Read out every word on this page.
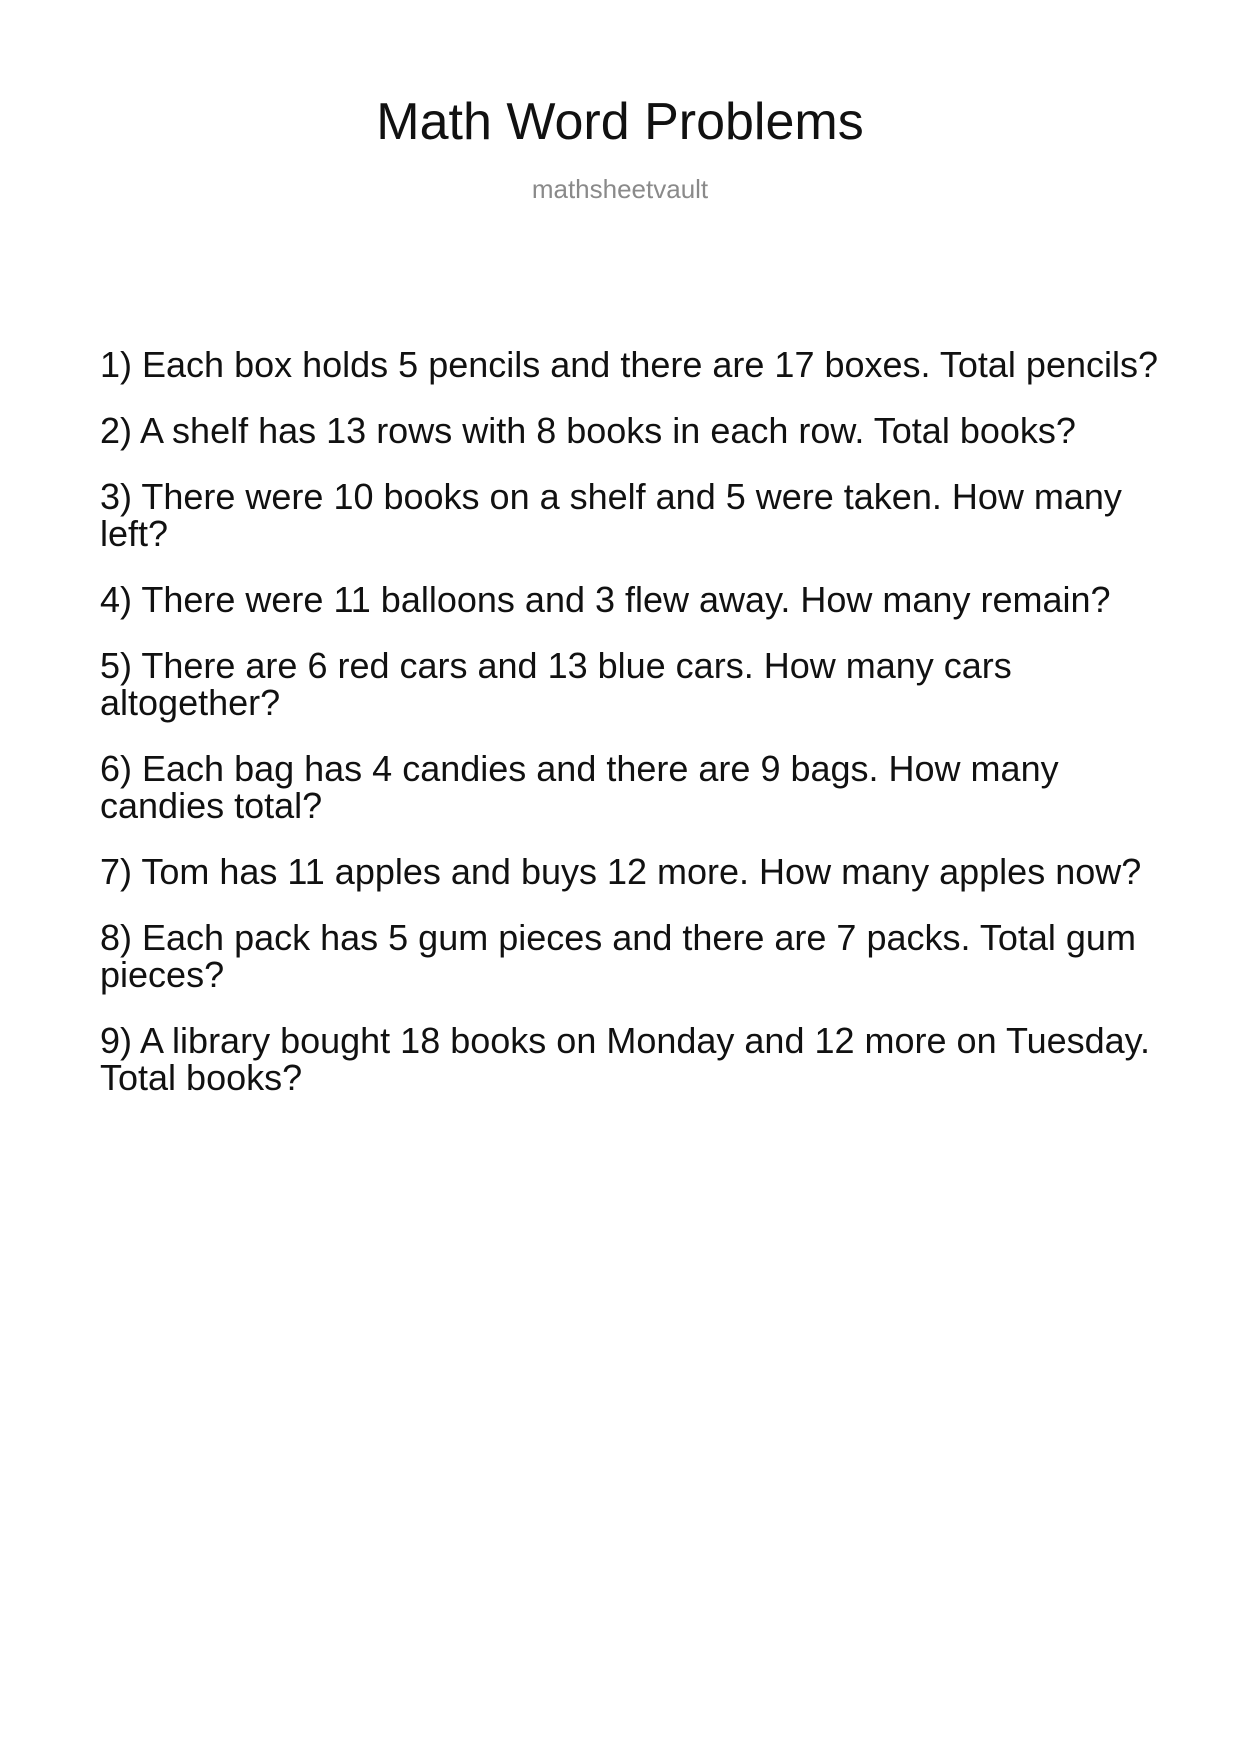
Math Word Problems
mathsheetvault

1) Each box holds 5 pencils and there are 17 boxes. Total pencils?

2) A shelf has 13 rows with 8 books in each row. Total books?

3) There were 10 books on a shelf and 5 were taken. How many left?

4) There were 11 balloons and 3 flew away. How many remain?

5) There are 6 red cars and 13 blue cars. How many cars altogether?

6) Each bag has 4 candies and there are 9 bags. How many candies total?

7) Tom has 11 apples and buys 12 more. How many apples now?

8) Each pack has 5 gum pieces and there are 7 packs. Total gum pieces?

9) A library bought 18 books on Monday and 12 more on Tuesday. Total books?
